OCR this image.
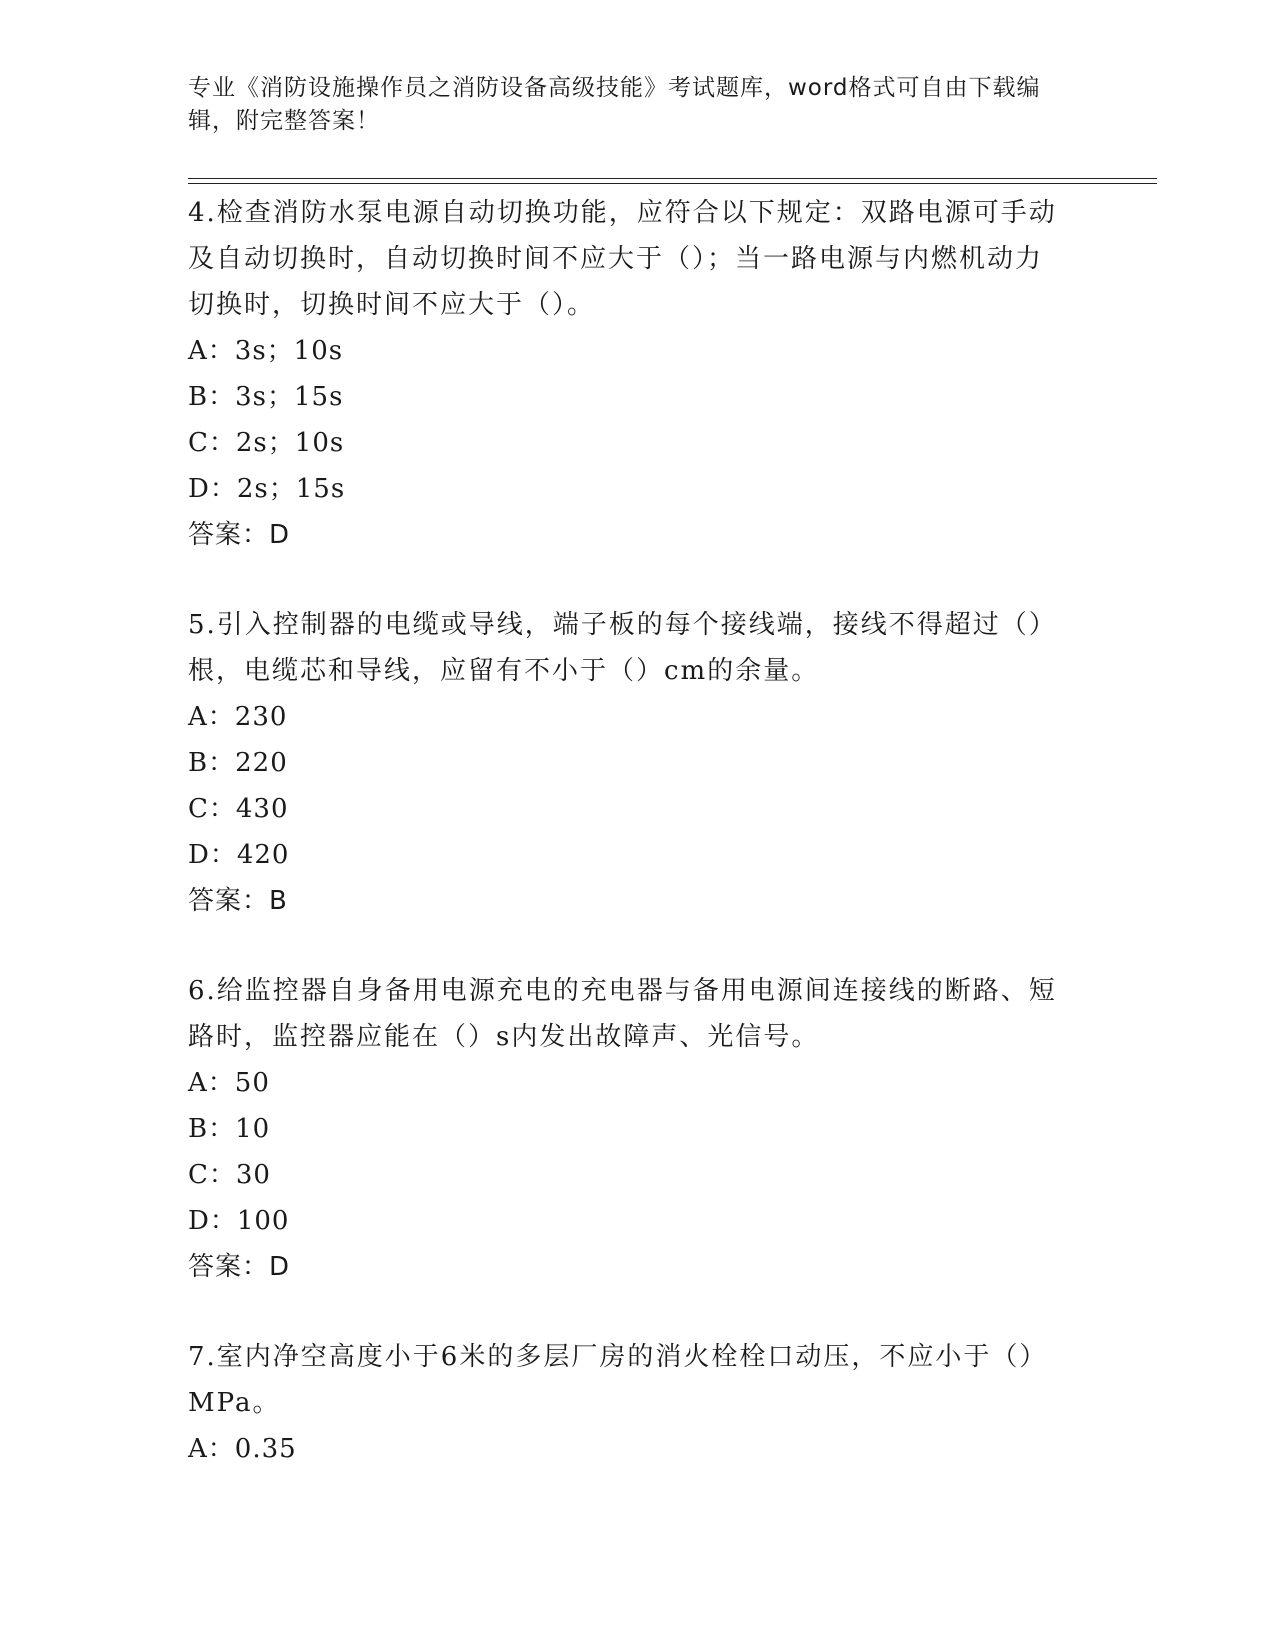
专业《消防设施操作员之消防设备高级技能》考试题库，word格式可自由下载编辑，附完整答案！

4.检查消防水泵电源自动切换功能，应符合以下规定：双路电源可手动及自动切换时，自动切换时间不应大于（）；当一路电源与内燃机动力切换时，切换时间不应大于（）。

A：3s；10s

B：3s；15s

C：2s；10s

D：2s；15s

答案：D

5.引入控制器的电缆或导线，端子板的每个接线端，接线不得超过（）根，电缆芯和导线，应留有不小于（）cm的余量。

A：230

B：220

C：430

D：420

答案：B

6.给监控器自身备用电源充电的充电器与备用电源间连接线的断路、短路时，监控器应能在（）s内发出故障声、光信号。

A：50

B：10

C：30

D：100

答案：D

7.室内净空高度小于6米的多层厂房的消火栓栓口动压，不应小于（）MPa。

A：0.35
